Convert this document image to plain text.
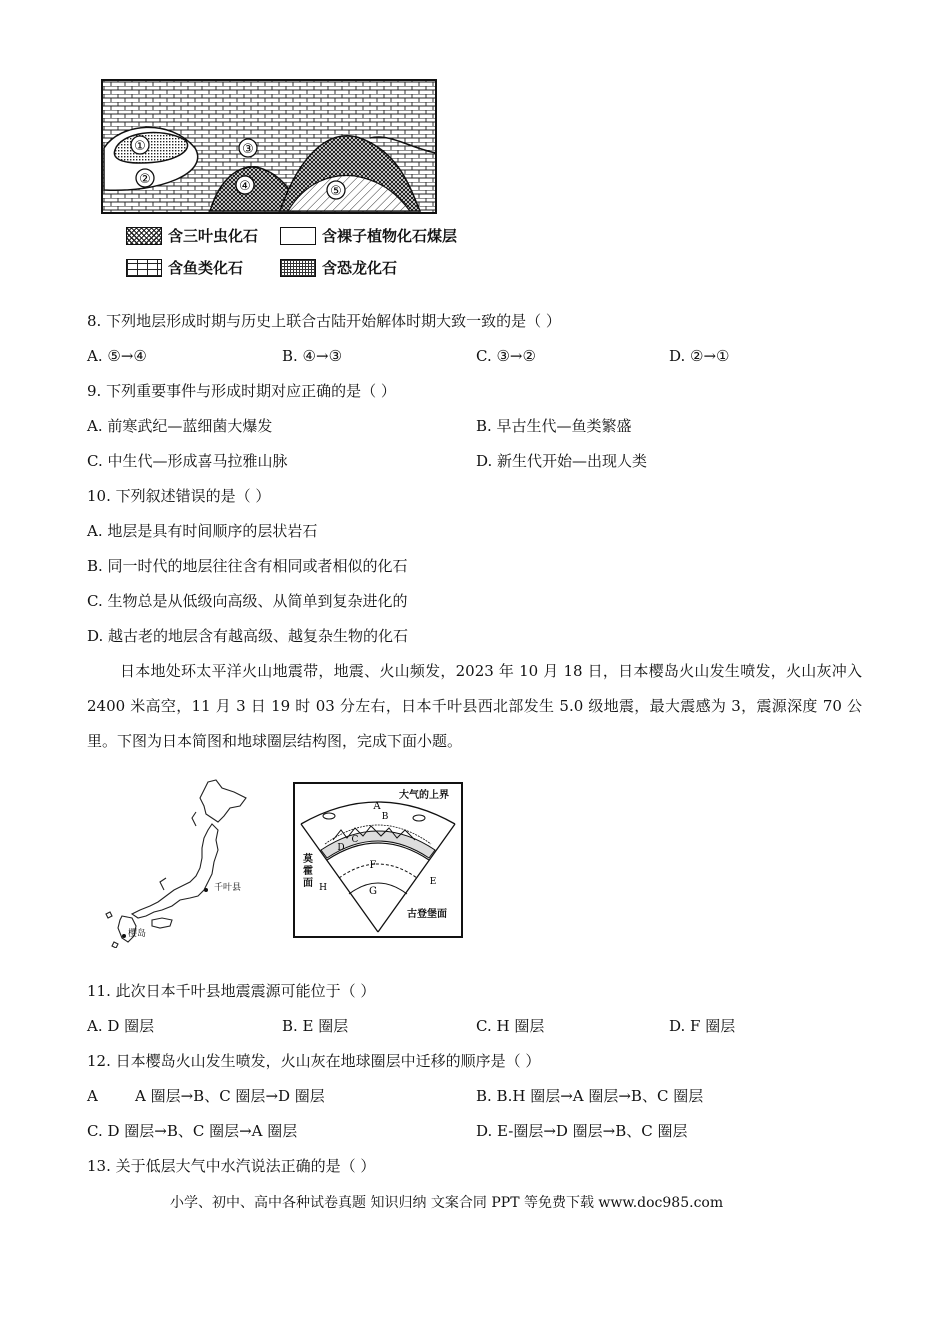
①
②
③
④	⑤
含三叶虫化石	含裸子植物化石煤层
含鱼类化石	含恐龙化石
8. 下列地层形成时期与历史上联合古陆开始解体时期大致一致的是（ ）
A. ⑤→④	B. ④→③	C. ③→②	D. ②→①
9. 下列重要事件与形成时期对应正确的是（ ）
A. 前寒武纪—蓝细菌大爆发	B. 早古生代—鱼类繁盛
C. 中生代—形成喜马拉雅山脉	D. 新生代开始—出现人类
10. 下列叙述错误的是（ ）
A. 地层是具有时间顺序的层状岩石
B. 同一时代的地层往往含有相同或者相似的化石
C. 生物总是从低级向高级、从简单到复杂进化的
D. 越古老的地层含有越高级、越复杂生物的化石
日本地处环太平洋火山地震带，地震、火山频发，2023 年 10 月 18 日，日本樱岛火山发生喷发，火山灰冲入 2400 米高空，11 月 3 日 19 时 03 分左右，日本千叶县西北部发生 5.0 级地震，最大震感为 3，震源深度 70 公里。下图为日本简图和地球圈层结构图，完成下面小题。
千叶县
樱岛
A
B
C
D
E
F
G
H
大气的上界
莫
霍
面
古登堡面
11. 此次日本千叶县地震震源可能位于（ ）
A. D 圈层	B. E 圈层	C. H 圈层	D. F 圈层
12. 日本樱岛火山发生喷发，火山灰在地球圈层中迁移的顺序是（ ）
A A 圈层→B、C 圈层→D 圈层	B. B.H 圈层→A 圈层→B、C 圈层
C. D 圈层→B、C 圈层→A 圈层	D. E-圈层→D 圈层→B、C 圈层
13. 关于低层大气中水汽说法正确的是（ ）
小学、初中、高中各种试卷真题 知识归纳 文案合同 PPT 等免费下载 www.doc985.com
